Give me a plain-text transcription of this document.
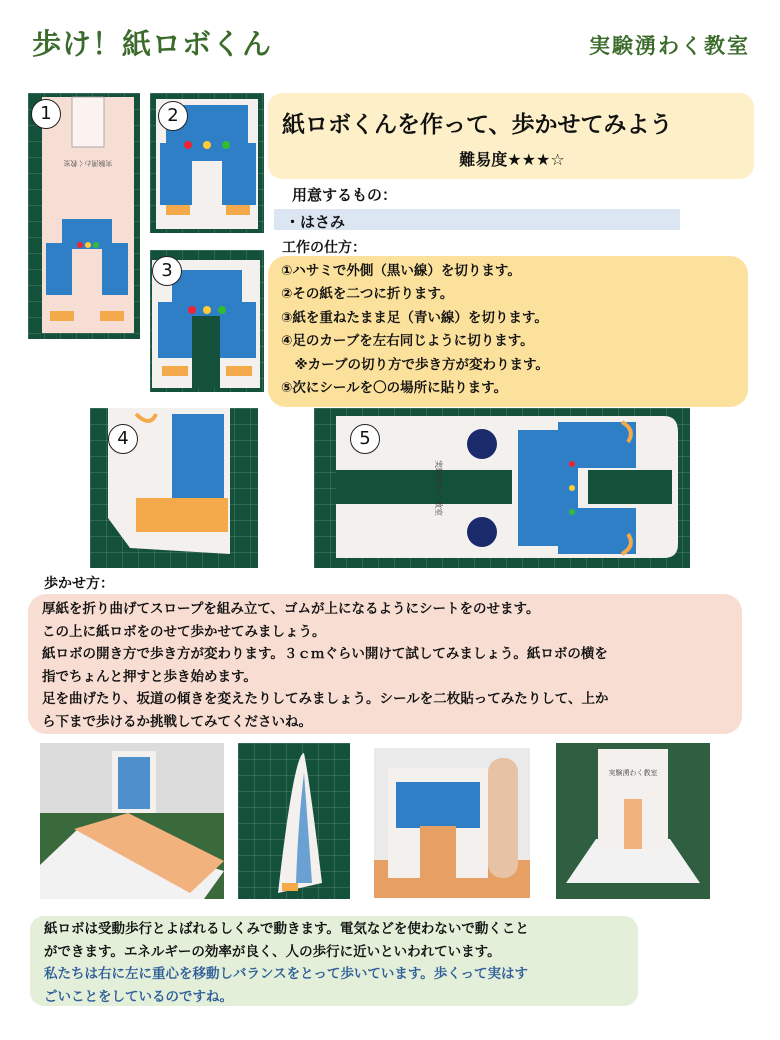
歩け！紙ロボくん	実験湧わく教室
実験湧わく教室
1	2
3
紙ロボくんを作って、歩かせてみよう
難易度★★★☆
用意するもの：
・はさみ
工作の仕方：
①ハサミで外側（黒い線）を切ります。
②その紙を二つに折ります。
③紙を重ねたまま足（青い線）を切ります。
④足のカーブを左右同じように切ります。
　※カーブの切り方で歩き方が変わります。
⑤次にシールを〇の場所に貼ります。
4
実験湧わく教室
5
歩かせ方：
厚紙を折り曲げてスロープを組み立て、ゴムが上になるようにシートをのせます。
この上に紙ロボをのせて歩かせてみましょう。
紙ロボの開き方で歩き方が変わります。３ｃｍぐらい開けて試してみましょう。紙ロボの横を
指でちょんと押すと歩き始めます。
足を曲げたり、坂道の傾きを変えたりしてみましょう。シールを二枚貼ってみたりして、上か
ら下まで歩けるか挑戦してみてくださいね。
実験湧わく教室
紙ロボは受動歩行とよばれるしくみで動きます。電気などを使わないで動くこと
ができます。エネルギーの効率が良く、人の歩行に近いといわれています。
私たちは右に左に重心を移動しバランスをとって歩いています。歩くって実はす
ごいことをしているのですね。
